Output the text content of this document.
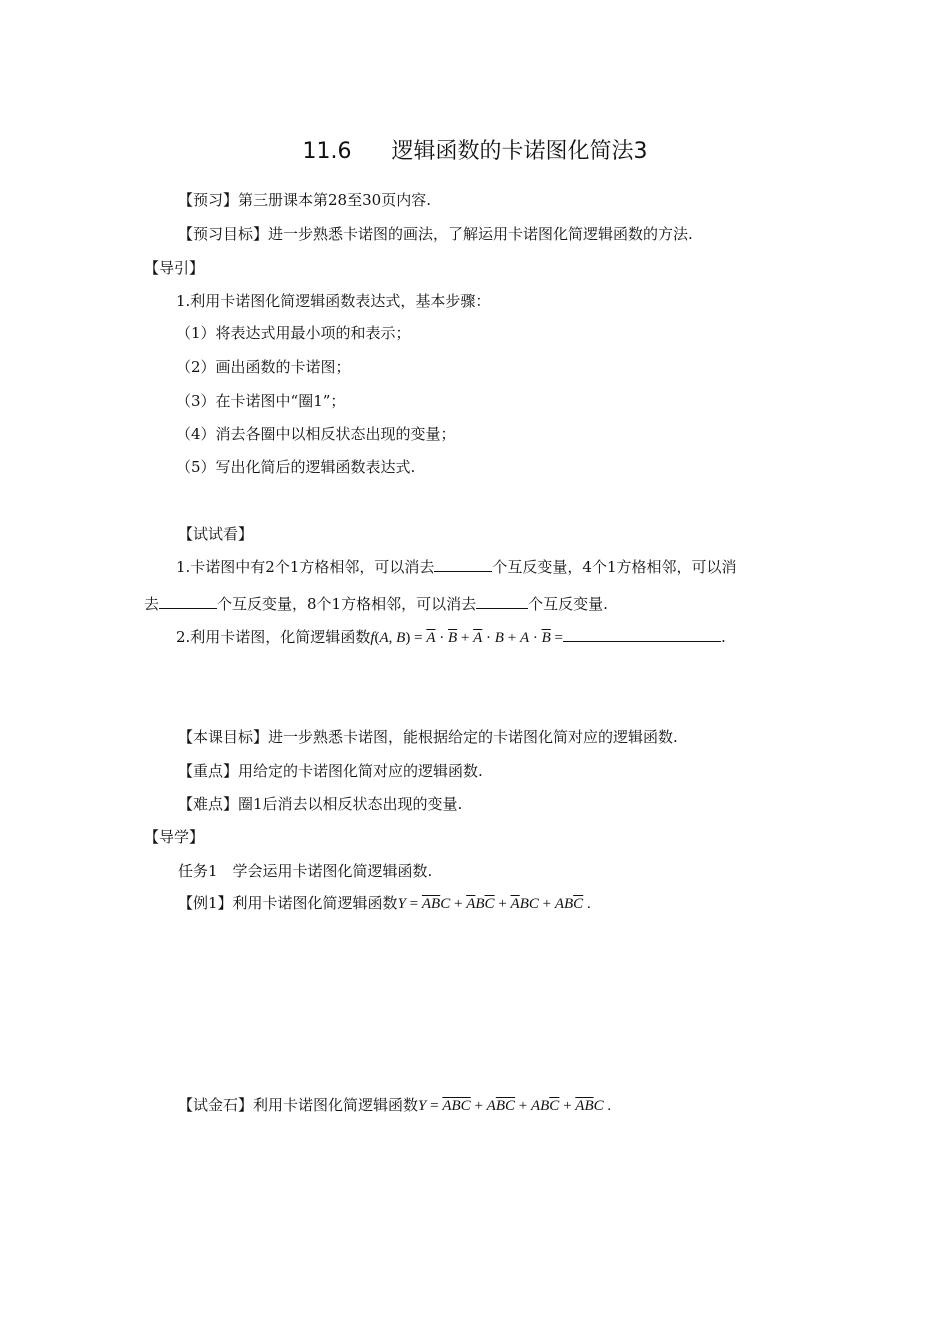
11.6 逻辑函数的卡诺图化简法3
【预习】第三册课本第28至30页内容.
【预习目标】进一步熟悉卡诺图的画法，了解运用卡诺图化简逻辑函数的方法.
【导引】
1.利用卡诺图化简逻辑函数表达式，基本步骤：
（1）将表达式用最小项的和表示；
（2）画出函数的卡诺图；
（3）在卡诺图中“圈1”；
（4）消去各圈中以相反状态出现的变量；
（5）写出化简后的逻辑函数表达式.
【试试看】
1.卡诺图中有2个1方格相邻，可以消去	个互反变量，4个1方格相邻，可以消
去	个互反变量，8个1方格相邻，可以消去	个互反变量.
2.利用卡诺图，化简逻辑函数f(A, $B) = \overline{A} \cdot \overline{B} + \overline{A} \cdot B + A \cdot \overline{B}$ =	.
【本课目标】进一步熟悉卡诺图，能根据给定的卡诺图化简对应的逻辑函数.
【重点】用给定的卡诺图化简对应的逻辑函数.
【难点】圈1后消去以相反状态出现的变量.
【导学】
任务1　学会运用卡诺图化简逻辑函数.
【例1】利用卡诺图化简逻辑函数$Y = \overline{A}\overline{B}C + \overline{A}B\overline{C} + \overline{A}BC + AB\overline{C}$ .
【试金石】利用卡诺图化简逻辑函数$Y = \overline{ABC} + A\overline{BC} + AB\overline{C} + \overline{AB}C$ .
